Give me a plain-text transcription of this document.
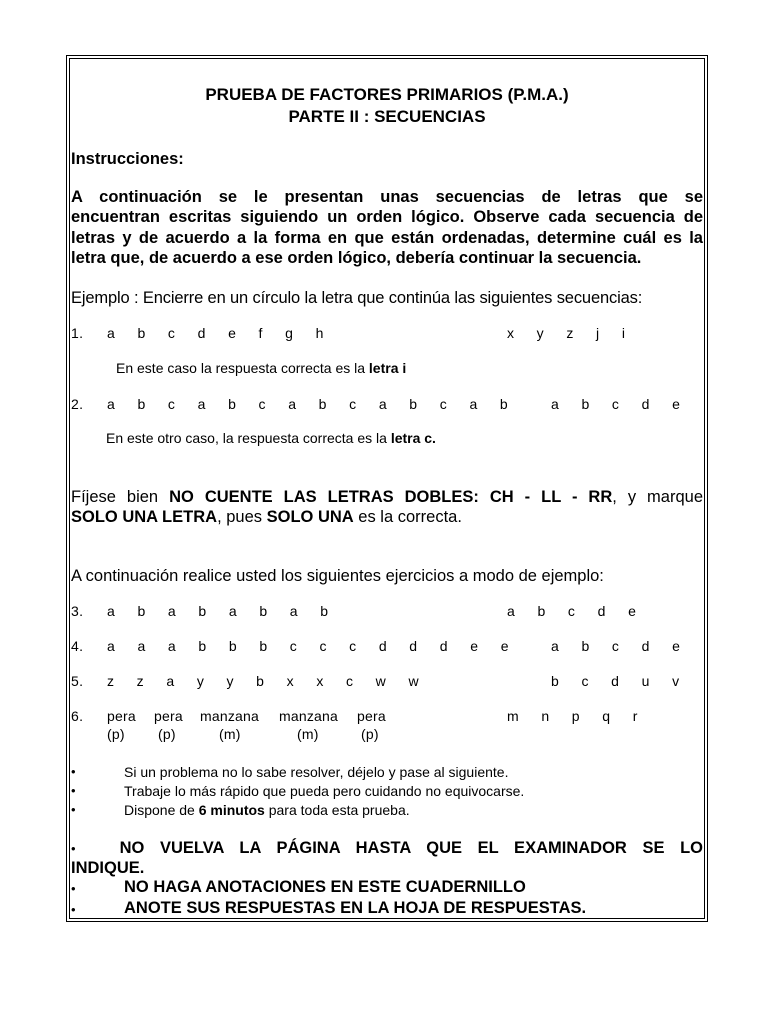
PRUEBA DE FACTORES PRIMARIOS (P.M.A.)
PARTE II : SECUENCIAS
Instrucciones:
A continuación se le presentan unas secuencias de letras que se
encuentran escritas siguiendo un orden lógico. Observe cada secuencia de
letras y de acuerdo a la forma en que están ordenadas, determine cuál es la
letra que, de acuerdo a ese orden lógico, debería continuar la secuencia.
Ejemplo : Encierre en un círculo la letra que continúa las siguientes secuencias:
1. a  b  c  d  e  f  g  h	x  y  z  j  i
En este caso la respuesta correcta es la letra i
2. a  b  c  a  b  c  a  b  c  a  b  c  a  b	a  b  c  d  e
En este otro caso, la respuesta correcta es la letra c.
Fíjese bien NO CUENTE LAS LETRAS DOBLES: CH - LL - RR, y marque
SOLO UNA LETRA, pues SOLO UNA es la correcta.
A continuación realice usted los siguientes ejercicios a modo de ejemplo:
3. a  b  a  b  a  b  a  b	a  b  c  d  e
4. a  a  a  b  b  b  c  c  c  d  d  d  e  e	a  b  c  d  e
5. z  z  a  y  y  b  x  x  c  w  w	b  c  d  u  v
6. pera pera manzana manzana pera	m  n  p  q  r
(p) (p)	(m)	(m)	(p)
•	Si un problema no lo sabe resolver, déjelo y pase al siguiente.
•	Trabaje lo más rápido que pueda pero cuidando no equivocarse.
•	Dispone de 6 minutos para toda esta prueba.
•	NO VUELVA LA PÁGINA HASTA QUE EL EXAMINADOR SE LO
INDIQUE.
•	NO HAGA ANOTACIONES EN ESTE CUADERNILLO
•	ANOTE SUS RESPUESTAS EN LA HOJA DE RESPUESTAS.
